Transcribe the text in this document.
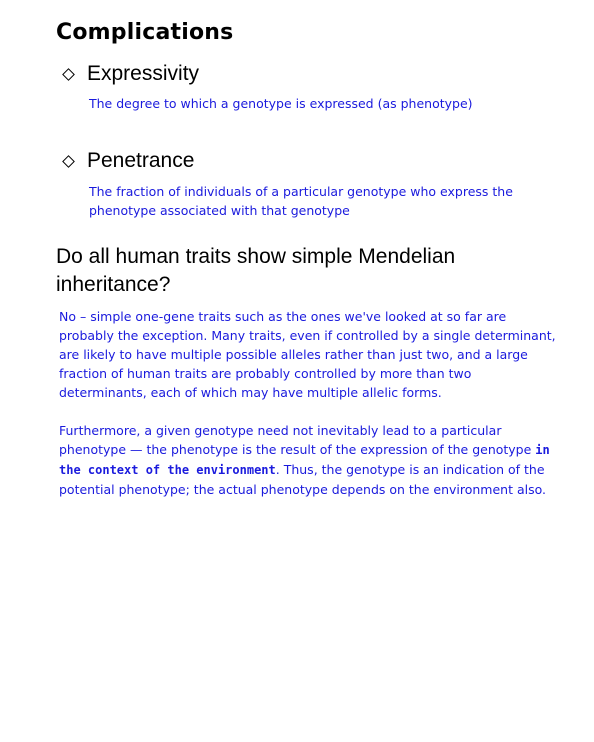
Complications
Expressivity

The degree to which a genotype is expressed (as phenotype)

Penetrance

The fraction of individuals of a particular genotype who express the phenotype associated with that genotype

Do all human traits show simple Mendelian inheritance?

No – simple one-gene traits such as the ones we've looked at so far are probably the exception. Many traits, even if controlled by a single determinant, are likely to have multiple possible alleles rather than just two, and a large fraction of human traits are probably controlled by more than two determinants, each of which may have multiple allelic forms.

Furthermore, a given genotype need not inevitably lead to a particular phenotype — the phenotype is the result of the expression of the genotype in the context of the environment. Thus, the genotype is an indication of the potential phenotype; the actual phenotype depends on the environment also.
